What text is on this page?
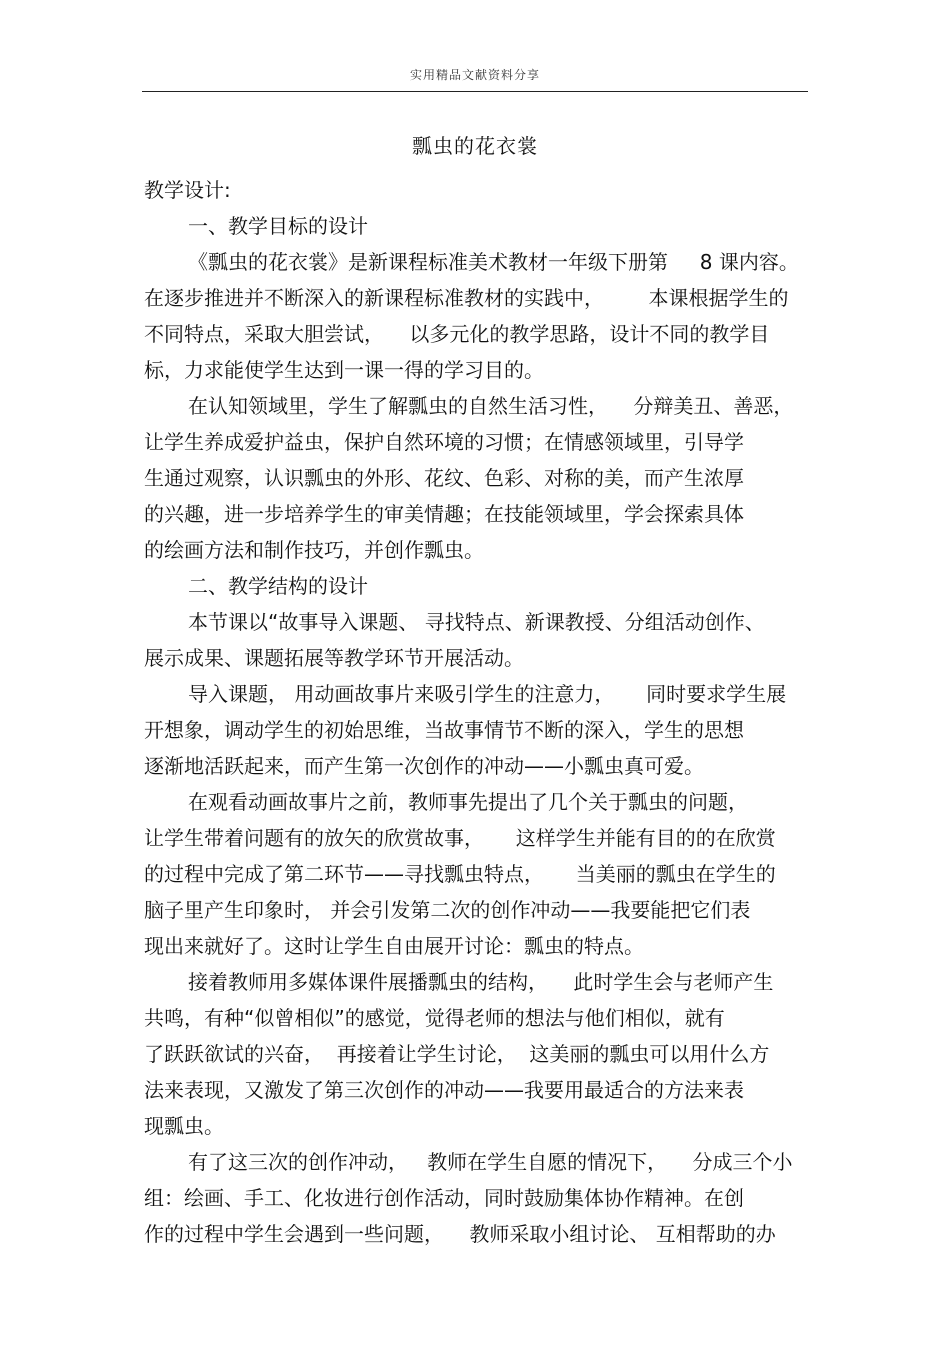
实用精品文献资料分享
瓢虫的花衣裳
教学设计:
一、教学目标的设计
《瓢虫的花衣裳》是新课程标准美术教材一年级下册第     8 课内容。
在逐步推进并不断深入的新课程标准教材的实践中，       本课根据学生的
不同特点，采取大胆尝试，    以多元化的教学思路，设计不同的教学目
标，力求能使学生达到一课一得的学习目的。
在认知领域里，学生了解瓢虫的自然生活习性，    分辩美丑、善恶，
让学生养成爱护益虫，保护自然环境的习惯；在情感领域里，引导学
生通过观察，认识瓢虫的外形、花纹、色彩、对称的美，而产生浓厚
的兴趣，进一步培养学生的审美情趣；在技能领域里，学会探索具体
的绘画方法和制作技巧，并创作瓢虫。
二、教学结构的设计
本节课以“故事导入课题、 寻找特点、新课教授、分组活动创作、
展示成果、课题拓展等教学环节开展活动。
导入课题， 用动画故事片来吸引学生的注意力，     同时要求学生展
开想象，调动学生的初始思维，当故事情节不断的深入，学生的思想
逐渐地活跃起来，而产生第一次创作的冲动——小瓢虫真可爱。
在观看动画故事片之前，教师事先提出了几个关于瓢虫的问题，
让学生带着问题有的放矢的欣赏故事，     这样学生并能有目的的在欣赏
的过程中完成了第二环节——寻找瓢虫特点，     当美丽的瓢虫在学生的
脑子里产生印象时， 并会引发第二次的创作冲动——我要能把它们表
现出来就好了。这时让学生自由展开讨论：瓢虫的特点。
接着教师用多媒体课件展播瓢虫的结构，    此时学生会与老师产生
共鸣，有种“似曾相似”的感觉，觉得老师的想法与他们相似，就有
了跃跃欲试的兴奋，  再接着让学生讨论，  这美丽的瓢虫可以用什么方
法来表现，又激发了第三次创作的冲动——我要用最适合的方法来表
现瓢虫。
有了这三次的创作冲动，   教师在学生自愿的情况下，    分成三个小
组：绘画、手工、化妆进行创作活动，同时鼓励集体协作精神。在创
作的过程中学生会遇到一些问题，    教师采取小组讨论、 互相帮助的办
